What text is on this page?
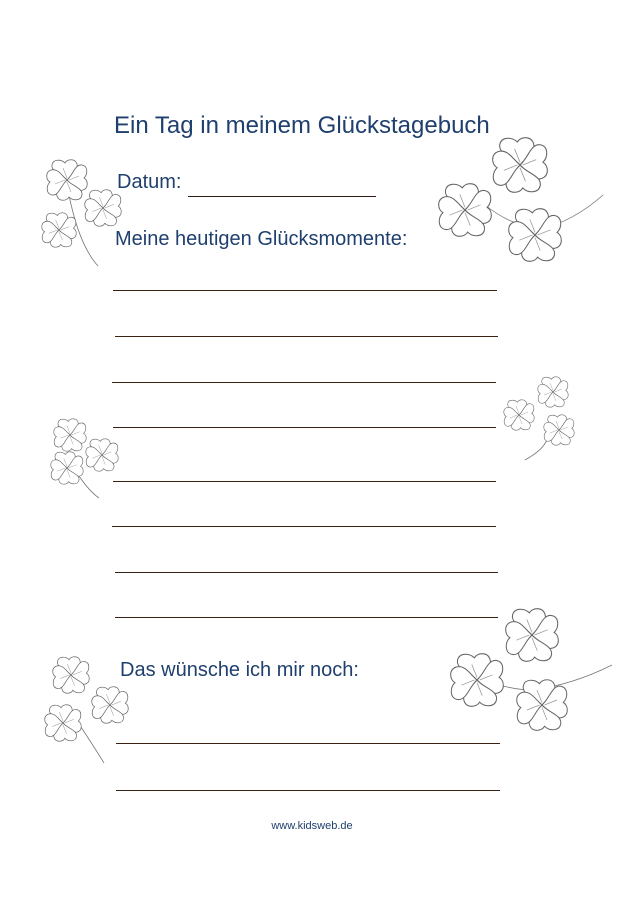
Ein Tag in meinem Glückstagebuch
Datum:
Meine heutigen Glücksmomente:
Das wünsche ich mir noch:
www.kidsweb.de
